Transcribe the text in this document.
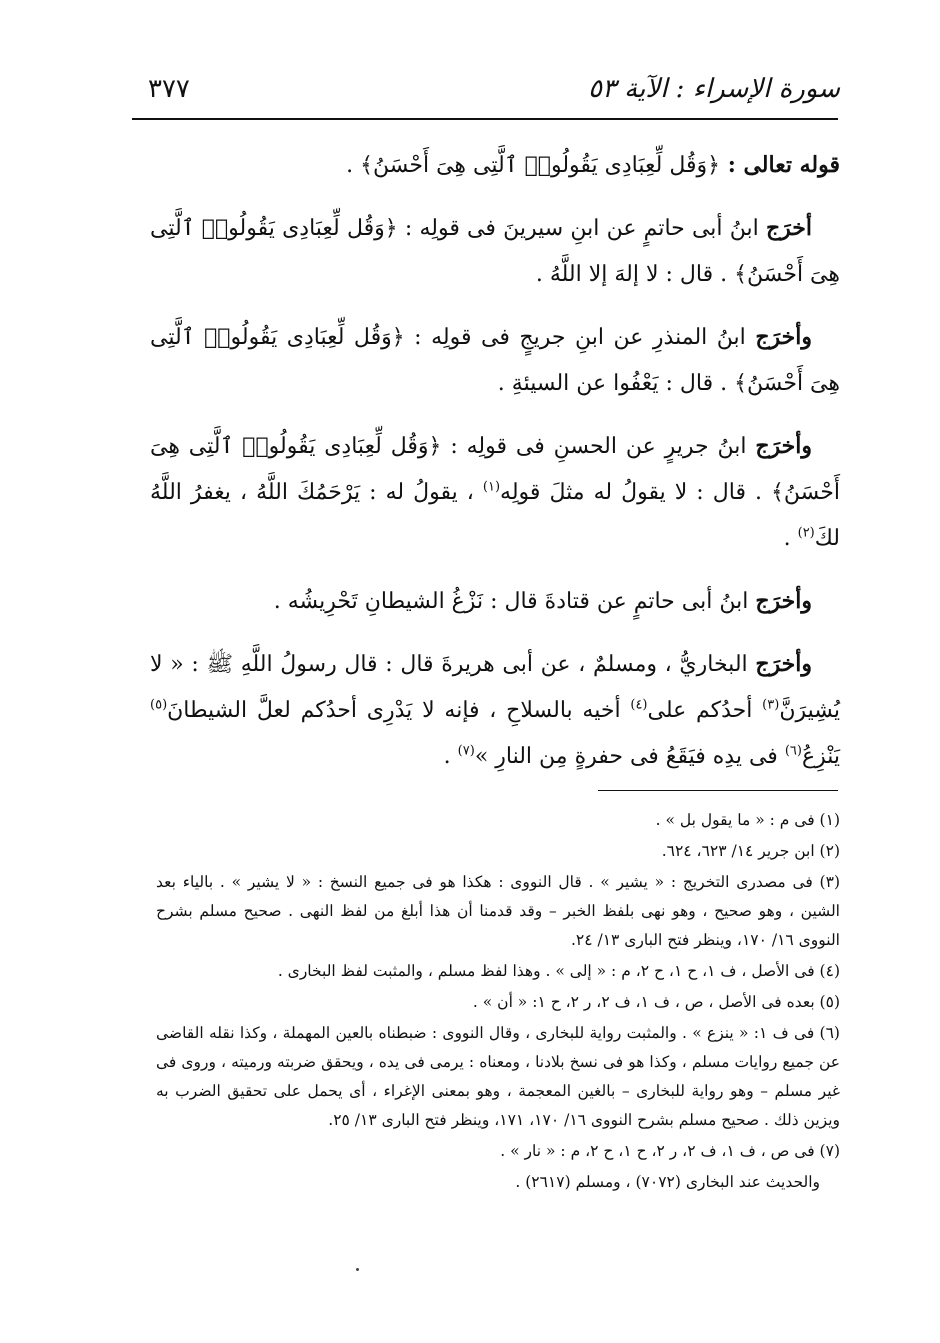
٣٧٧	سورة الإسراء : الآية ٥٣

قوله تعالى : ﴿وَقُل لِّعِبَادِى يَقُولُوا۟ ٱلَّتِى هِىَ أَحْسَنُ﴾ .

أخرَج ابنُ أبى حاتمٍ عن ابنِ سيرينَ فى قولِه : ﴿وَقُل لِّعِبَادِى يَقُولُوا۟ ٱلَّتِى هِىَ أَحْسَنُ﴾ . قال : لا إلهَ إلا اللَّهُ .

وأخرَج ابنُ المنذرِ عن ابنِ جريجٍ فى قولِه : ﴿وَقُل لِّعِبَادِى يَقُولُوا۟ ٱلَّتِى هِىَ أَحْسَنُ﴾ . قال : يَعْفُوا عن السيئةِ .

وأخرَج ابنُ جريرٍ عن الحسنِ فى قولِه : ﴿وَقُل لِّعِبَادِى يَقُولُوا۟ ٱلَّتِى هِىَ أَحْسَنُ﴾ . قال : لا يقولُ له مثلَ قولِه$^{(١)}$ ، يقولُ له : يَرْحَمُكَ اللَّهُ ، يغفرُ اللَّهُ لكَ$^{(٢)}$ .

وأخرَج ابنُ أبى حاتمٍ عن قتادةَ قال : نَزْغُ الشيطانِ تَحْرِيشُه .

وأخرَج البخاريُّ ، ومسلمٌ ، عن أبى هريرةَ قال : قال رسولُ اللَّهِ ﷺ : « لا يُشِيرَنَّ$^{(٣)}$ أحدُكم على$^{(٤)}$ أخيه بالسلاحِ ، فإنه لا يَدْرِى أحدُكم لعلَّ الشيطانَ$^{(٥)}$ يَنْزِعُ$^{(٦)}$ فى يدِه فيَقَعُ فى حفرةٍ مِن النارِ »$^{(٧)}$ .

(١) فى م : « ما يقول بل » .

(٢) ابن جرير ١٤/ ٦٢٣، ٦٢٤.

(٣) فى مصدرى التخريج : « يشير » . قال النووى : هكذا هو فى جميع النسخ : « لا يشير » . بالياء بعد الشين ، وهو صحيح ، وهو نهى بلفظ الخبر – وقد قدمنا أن هذا أبلغ من لفظ النهى . صحيح مسلم بشرح النووى ١٦/ ١٧٠، وينظر فتح البارى ١٣/ ٢٤.

(٤) فى الأصل ، ف ١، ح ١، ح ٢، م : « إلى » . وهذا لفظ مسلم ، والمثبت لفظ البخارى .

(٥) بعده فى الأصل ، ص ، ف ١، ف ٢، ر ٢، ح ١: « أن » .

(٦) فى ف ١: « ينزع » . والمثبت رواية للبخارى ، وقال النووى : ضبطناه بالعين المهملة ، وكذا نقله القاضى عن جميع روايات مسلم ، وكذا هو فى نسخ بلادنا ، ومعناه : يرمى فى يده ، ويحقق ضربته ورميته ، وروى فى غير مسلم – وهو رواية للبخارى – بالغين المعجمة ، وهو بمعنى الإغراء ، أى يحمل على تحقيق الضرب به ويزين ذلك . صحيح مسلم بشرح النووى ١٦/ ١٧٠، ١٧١، وينظر فتح البارى ١٣/ ٢٥.

(٧) فى ص ، ف ١، ف ٢، ر ٢، ح ١، ح ٢، م : « نار » .

والحديث عند البخارى (٧٠٧٢) ، ومسلم (٢٦١٧) .
